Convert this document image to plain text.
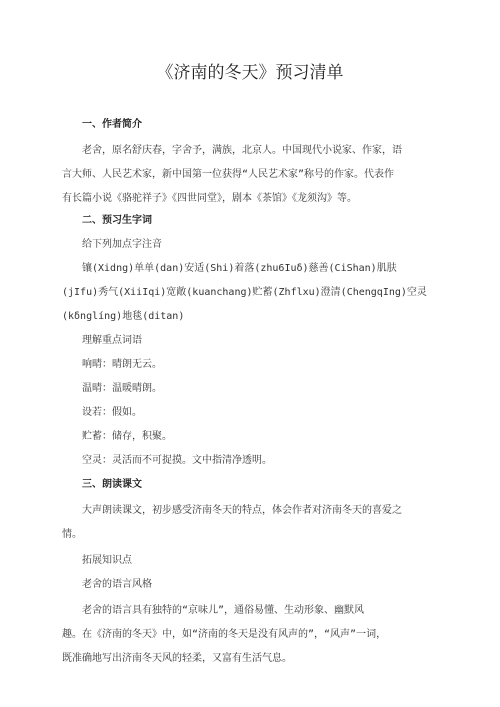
《济南的冬天》预习清单
一、作者简介
老舍，原名舒庆春，字舍予，满族，北京人。中国现代小说家、作家，语
言大师、人民艺术家，新中国第一位获得“人民艺术家”称号的作家。代表作
有长篇小说《骆驼祥子》《四世同堂》，剧本《茶馆》《龙须沟》等。
二、预习生字词
给下列加点字注音
镶(Xidng)单单(dan)安适(Shi)着落(zhu6Iuδ)慈善(CiShan)肌肤
(jIfu)秀气(XiiIqi)宽敞(kuanchang)贮蓄(Zhflxu)澄清(ChengqIng)空灵
(kδnglíng)地毯(ditan)
理解重点词语
响晴：晴朗无云。
温晴：温暖晴朗。
设若：假如。
贮蓄：储存，积聚。
空灵：灵活而不可捉摸。文中指清净透明。
三、朗读课文
大声朗读课文，初步感受济南冬天的特点，体会作者对济南冬天的喜爱之
情。
拓展知识点
老舍的语言风格
老舍的语言具有独特的“京味儿”，通俗易懂、生动形象、幽默风
趣。在《济南的冬天》中，如“济南的冬天是没有风声的”，“风声”一词，
既准确地写出济南冬天风的轻柔，又富有生活气息。
